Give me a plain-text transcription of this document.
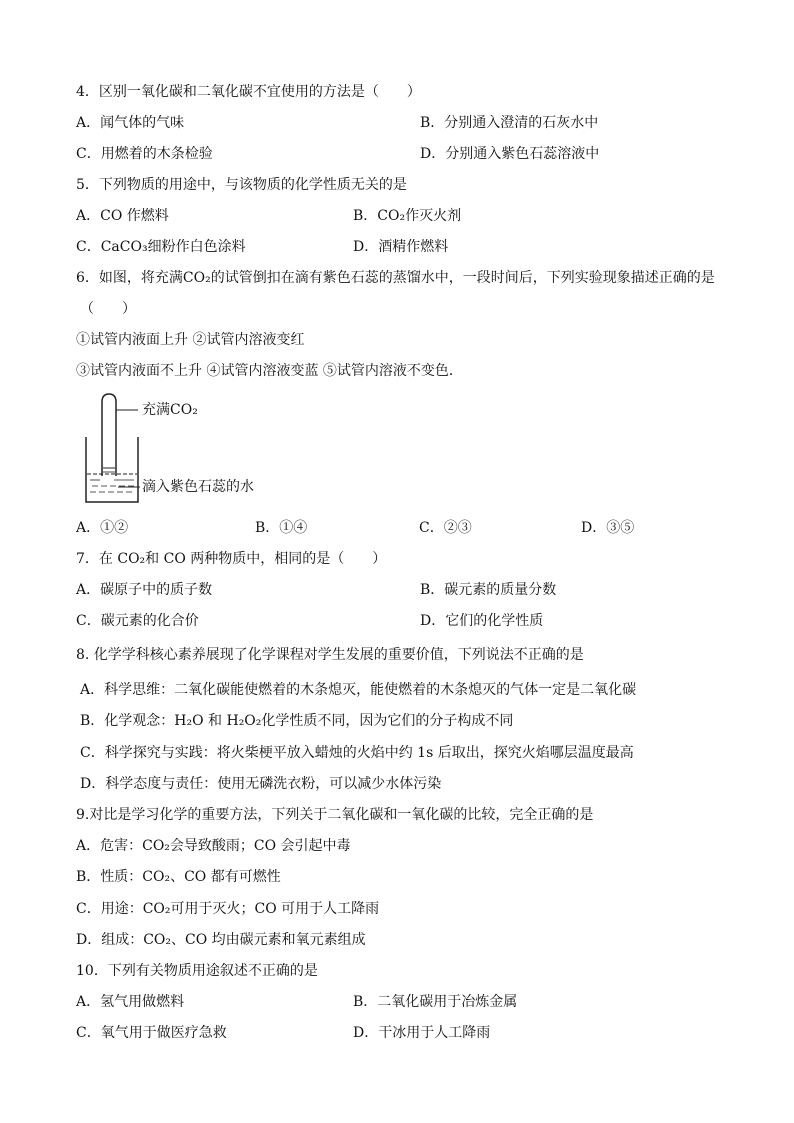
4．区别一氧化碳和二氧化碳不宜使用的方法是（　　）
A．闻气体的气味	B．分别通入澄清的石灰水中
C．用燃着的木条检验	D．分别通入紫色石蕊溶液中
5．下列物质的用途中，与该物质的化学性质无关的是
A．CO 作燃料	B．CO₂作灭火剂
C．CaCO₃细粉作白色涂料	D．酒精作燃料
6．如图，将充满CO₂的试管倒扣在滴有紫色石蕊的蒸馏水中，一段时间后，下列实验现象描述正确的是
（　　）
①试管内液面上升 ②试管内溶液变红
③试管内液面不上升 ④试管内溶液变蓝 ⑤试管内溶液不变色．
充满CO₂
滴入紫色石蕊的水
A．①②	B．①④	C．②③	D．③⑤
7．在 CO₂和 CO 两种物质中，相同的是（　　）
A．碳原子中的质子数	B．碳元素的质量分数
C．碳元素的化合价	D．它们的化学性质
8. 化学学科核心素养展现了化学课程对学生发展的重要价值，下列说法不正确的是
A．科学思维：二氧化碳能使燃着的木条熄灭，能使燃着的木条熄灭的气体一定是二氧化碳
B．化学观念：H₂O 和 H₂O₂化学性质不同，因为它们的分子构成不同
C．科学探究与实践：将火柴梗平放入蜡烛的火焰中约 1s 后取出，探究火焰哪层温度最高
D．科学态度与责任：使用无磷洗衣粉，可以减少水体污染
9.对比是学习化学的重要方法，下列关于二氧化碳和一氧化碳的比较，完全正确的是
A．危害：CO₂会导致酸雨；CO 会引起中毒
B．性质：CO₂、CO 都有可燃性
C．用途：CO₂可用于灭火；CO 可用于人工降雨
D．组成：CO₂、CO 均由碳元素和氧元素组成
10．下列有关物质用途叙述不正确的是
A．氢气用做燃料	B．二氧化碳用于冶炼金属
C．氧气用于做医疗急救	D．干冰用于人工降雨
